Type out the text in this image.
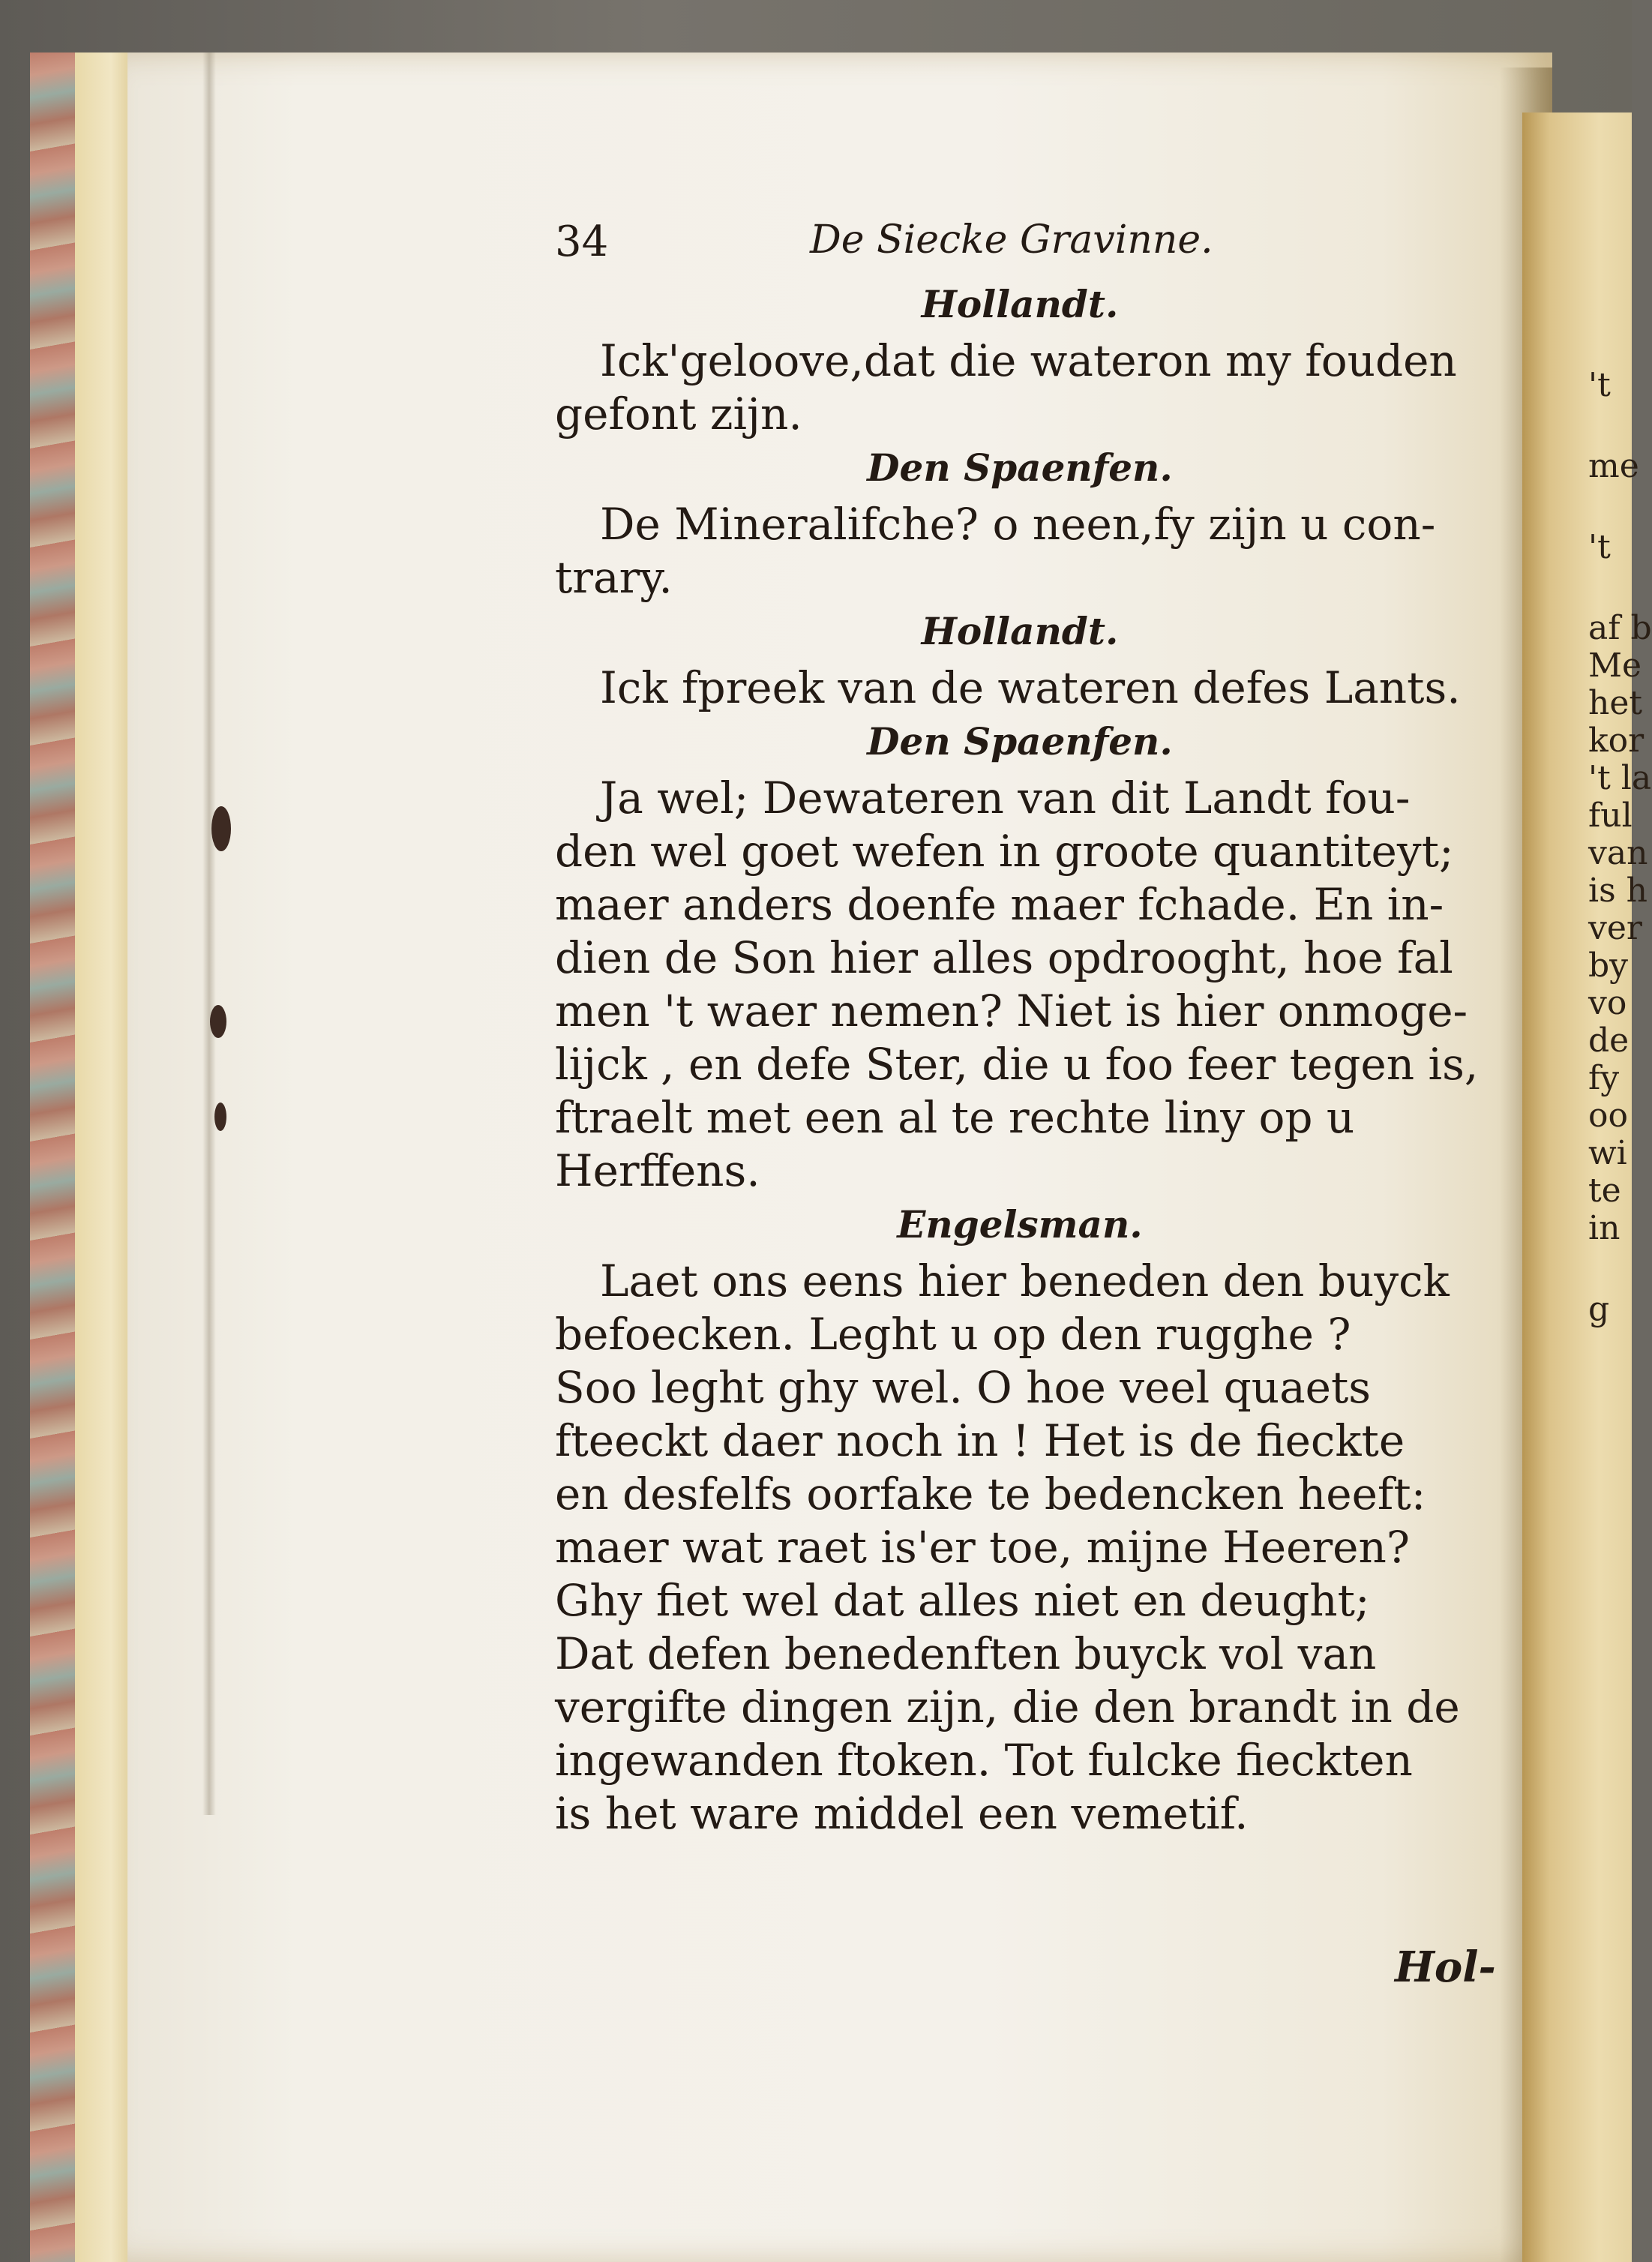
't
me
't
af b
Me
het
kor
't la
ful
van
is h
ver
by
vo
de
fy
oo
wi
te
in
g
34	De Siecke Gravinne.
Hollandt.

Ick'geloove,dat die wateron my fouden
gefont zijn.

Den Spaenfen.

De Mineralifche? o neen,fy zijn u con-
trary.

Hollandt.

Ick fpreek van de wateren defes Lants.

Den Spaenfen.

Ja wel; Dewateren van dit Landt fou-
den wel goet wefen in groote quantiteyt;
maer anders doenfe maer fchade. En in-
dien de Son hier alles opdrooght, hoe fal
men 't waer nemen? Niet is hier onmoge-
lijck , en defe Ster, die u foo feer tegen is,
ftraelt met een al te rechte liny op u
Herffens.

Engelsman.

Laet ons eens hier beneden den buyck
befoecken. Leght u op den rugghe ?
Soo leght ghy wel. O hoe veel quaets
fteeckt daer noch in ! Het is de fieckte
en desfelfs oorfake te bedencken heeft:
maer wat raet is'er toe, mijne Heeren?
Ghy fiet wel dat alles niet en deught;
Dat defen benedenften buyck vol van
vergifte dingen zijn, die den brandt in de
ingewanden ftoken. Tot fulcke fieckten
is het ware middel een vemetif.

Hol-
